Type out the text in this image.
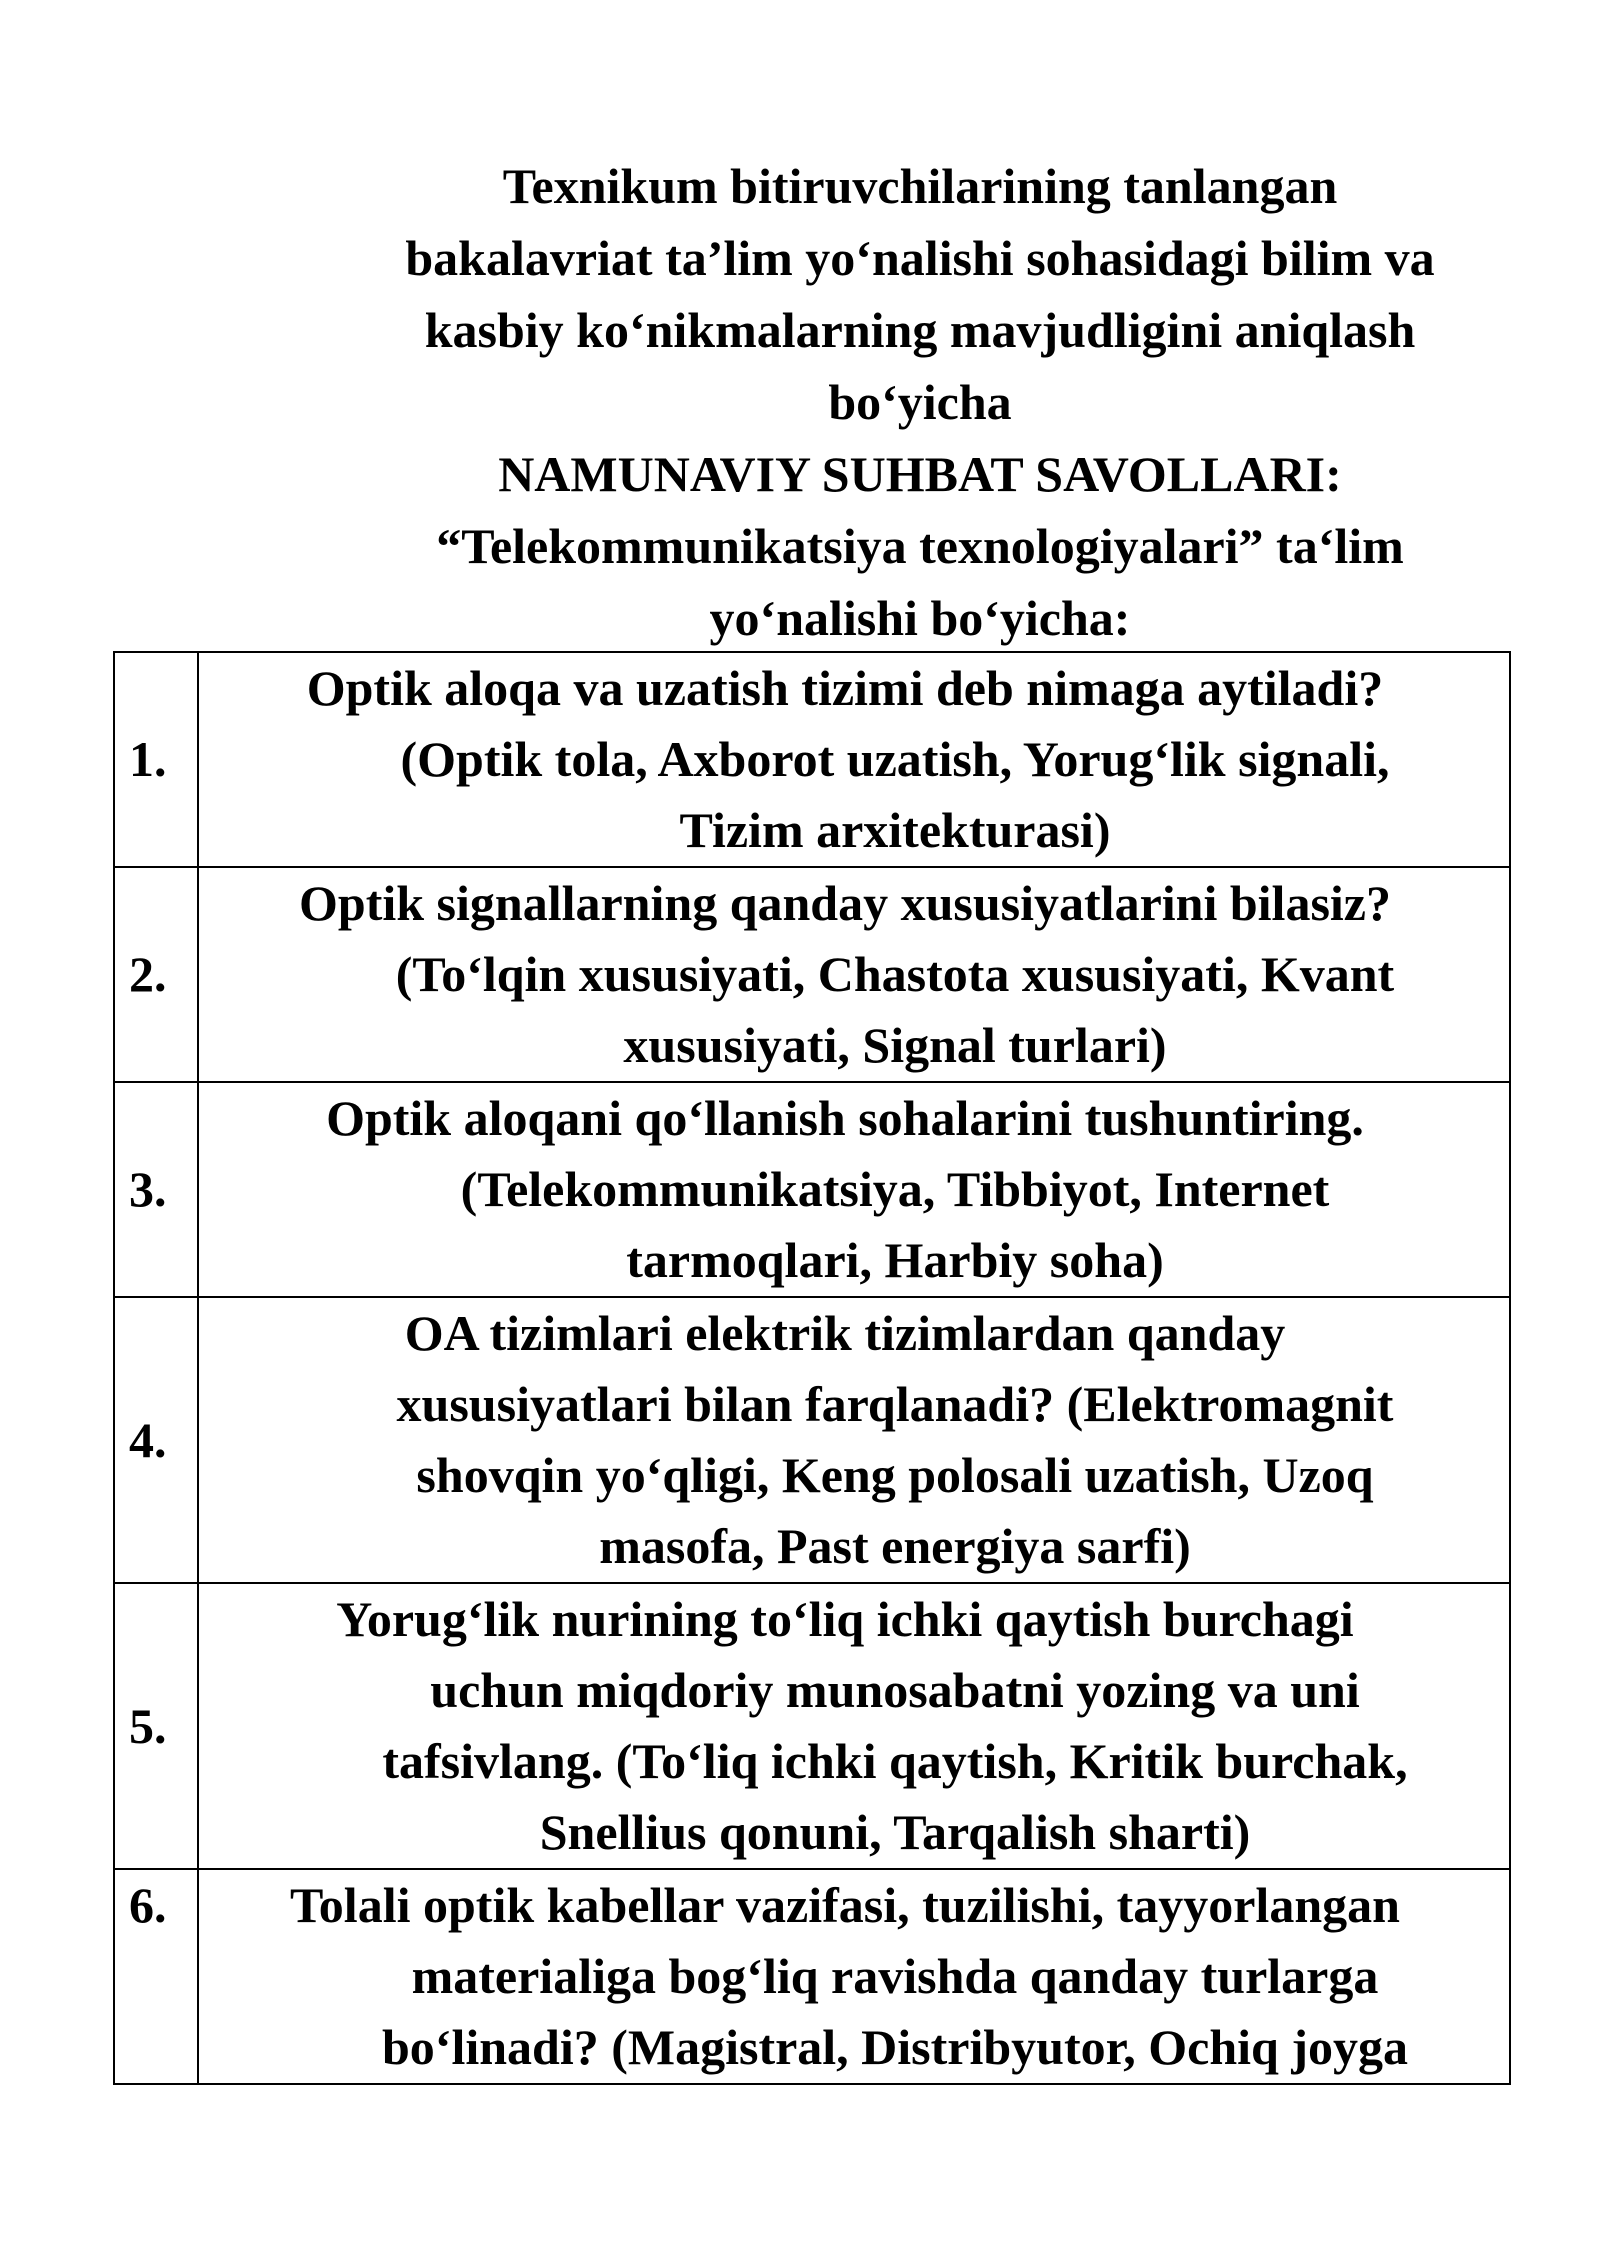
Texnikum bitiruvchilarining tanlangan
bakalavriat ta’lim yo‘nalishi sohasidagi bilim va
kasbiy ko‘nikmalarning mavjudligini aniqlash
bo‘yicha
NAMUNAVIY SUHBAT SAVOLLARI:
“Telekommunikatsiya texnologiyalari” ta‘lim
yo‘nalishi bo‘yicha:
1.	Optik aloqa va uzatish tizimi deb nimaga aytiladi?
(Optik tola, Axborot uzatish, Yorug‘lik signali,
Tizim arxitekturasi)

2.	Optik signallarning qanday xususiyatlarini bilasiz?
(To‘lqin xususiyati, Chastota xususiyati, Kvant
xususiyati, Signal turlari)

3.	Optik aloqani qo‘llanish sohalarini tushuntiring.
(Telekommunikatsiya, Tibbiyot, Internet
tarmoqlari, Harbiy soha)

4.	OA tizimlari elektrik tizimlardan qanday
xususiyatlari bilan farqlanadi? (Elektromagnit
shovqin yo‘qligi, Keng polosali uzatish, Uzoq
masofa, Past energiya sarfi)

5.	Yorug‘lik nurining to‘liq ichki qaytish burchagi
uchun miqdoriy munosabatni yozing va uni
tafsivlang. (To‘liq ichki qaytish, Kritik burchak,
Snellius qonuni, Tarqalish sharti)

6.	Tolali optik kabellar vazifasi, tuzilishi, tayyorlangan
materialiga bog‘liq ravishda qanday turlarga
bo‘linadi? (Magistral, Distribyutor, Ochiq joyga
